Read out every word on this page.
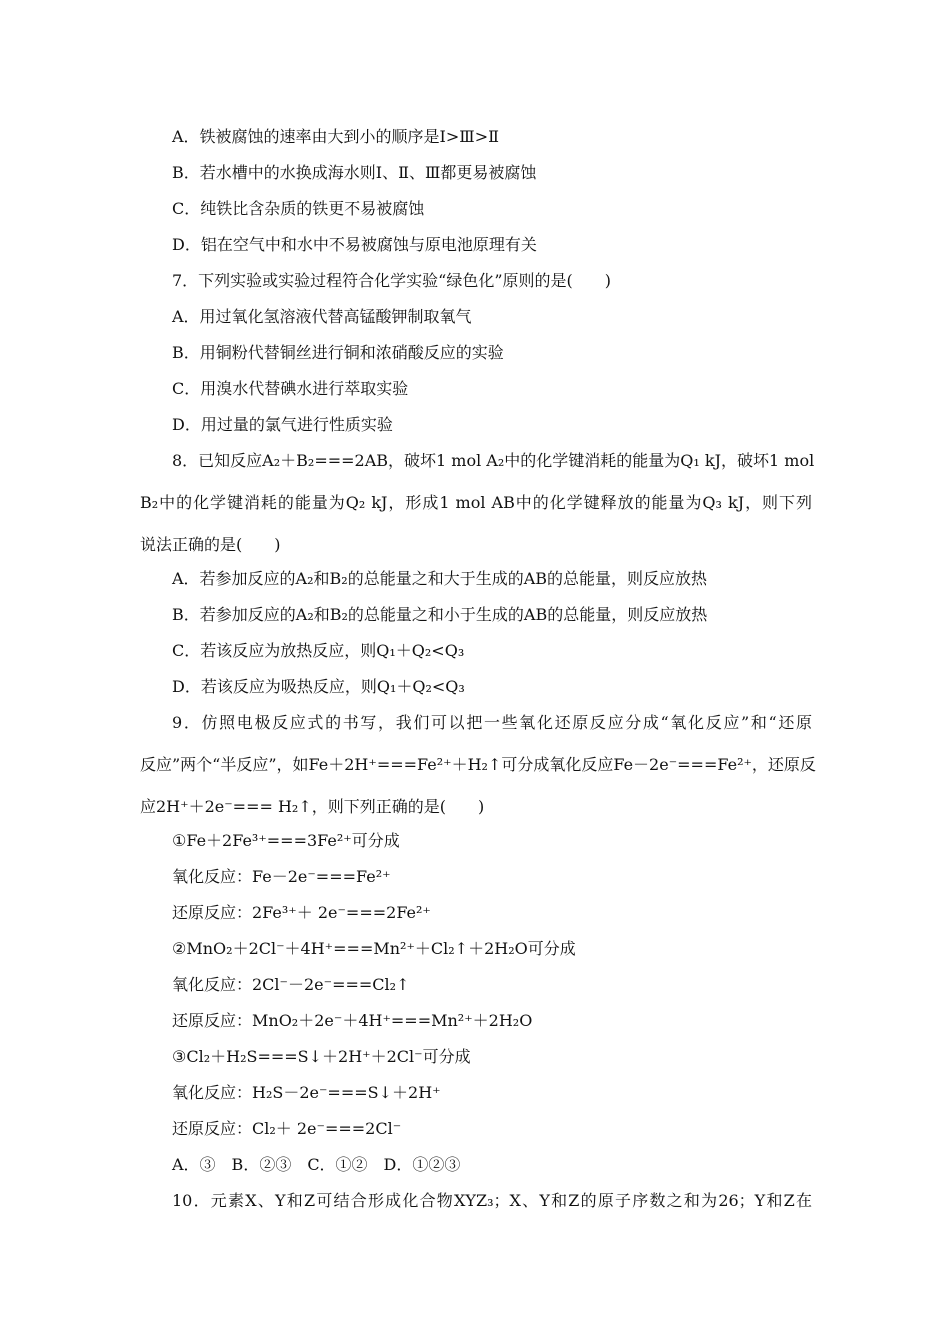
A．铁被腐蚀的速率由大到小的顺序是Ⅰ>Ⅲ>Ⅱ
B．若水槽中的水换成海水则Ⅰ、Ⅱ、Ⅲ都更易被腐蚀
C．纯铁比含杂质的铁更不易被腐蚀
D．铝在空气中和水中不易被腐蚀与原电池原理有关
7．下列实验或实验过程符合化学实验“绿色化”原则的是(　　)
A．用过氧化氢溶液代替高锰酸钾制取氧气
B．用铜粉代替铜丝进行铜和浓硝酸反应的实验
C．用溴水代替碘水进行萃取实验
D．用过量的氯气进行性质实验
8．已知反应A₂＋B₂===2AB，破坏1 mol A₂中的化学键消耗的能量为Q₁ kJ，破坏1 mol
B₂中的化学键消耗的能量为Q₂ kJ，形成1 mol AB中的化学键释放的能量为Q₃ kJ，则下列
说法正确的是(　　)
A．若参加反应的A₂和B₂的总能量之和大于生成的AB的总能量，则反应放热
B．若参加反应的A₂和B₂的总能量之和小于生成的AB的总能量，则反应放热
C．若该反应为放热反应，则Q₁＋Q₂<Q₃
D．若该反应为吸热反应，则Q₁＋Q₂<Q₃
9．仿照电极反应式的书写，我们可以把一些氧化还原反应分成“氧化反应”和“还原
反应”两个“半反应”，如Fe＋2H⁺===Fe²⁺＋H₂↑可分成氧化反应Fe－2e⁻===Fe²⁺，还原反
应2H⁺＋2e⁻=== H₂↑，则下列正确的是(　　)
①Fe＋2Fe³⁺===3Fe²⁺可分成
氧化反应：Fe－2e⁻===Fe²⁺
还原反应：2Fe³⁺＋ 2e⁻===2Fe²⁺
②MnO₂＋2Cl⁻＋4H⁺===Mn²⁺＋Cl₂↑＋2H₂O可分成
氧化反应：2Cl⁻－2e⁻===Cl₂↑
还原反应：MnO₂＋2e⁻＋4H⁺===Mn²⁺＋2H₂O
③Cl₂＋H₂S===S↓＋2H⁺＋2Cl⁻可分成
氧化反应：H₂S－2e⁻===S↓＋2H⁺
还原反应：Cl₂＋ 2e⁻===2Cl⁻
A．③　B．②③　C．①②　D．①②③
10．元素X、Y和Z可结合形成化合物XYZ₃；X、Y和Z的原子序数之和为26；Y和Z在
